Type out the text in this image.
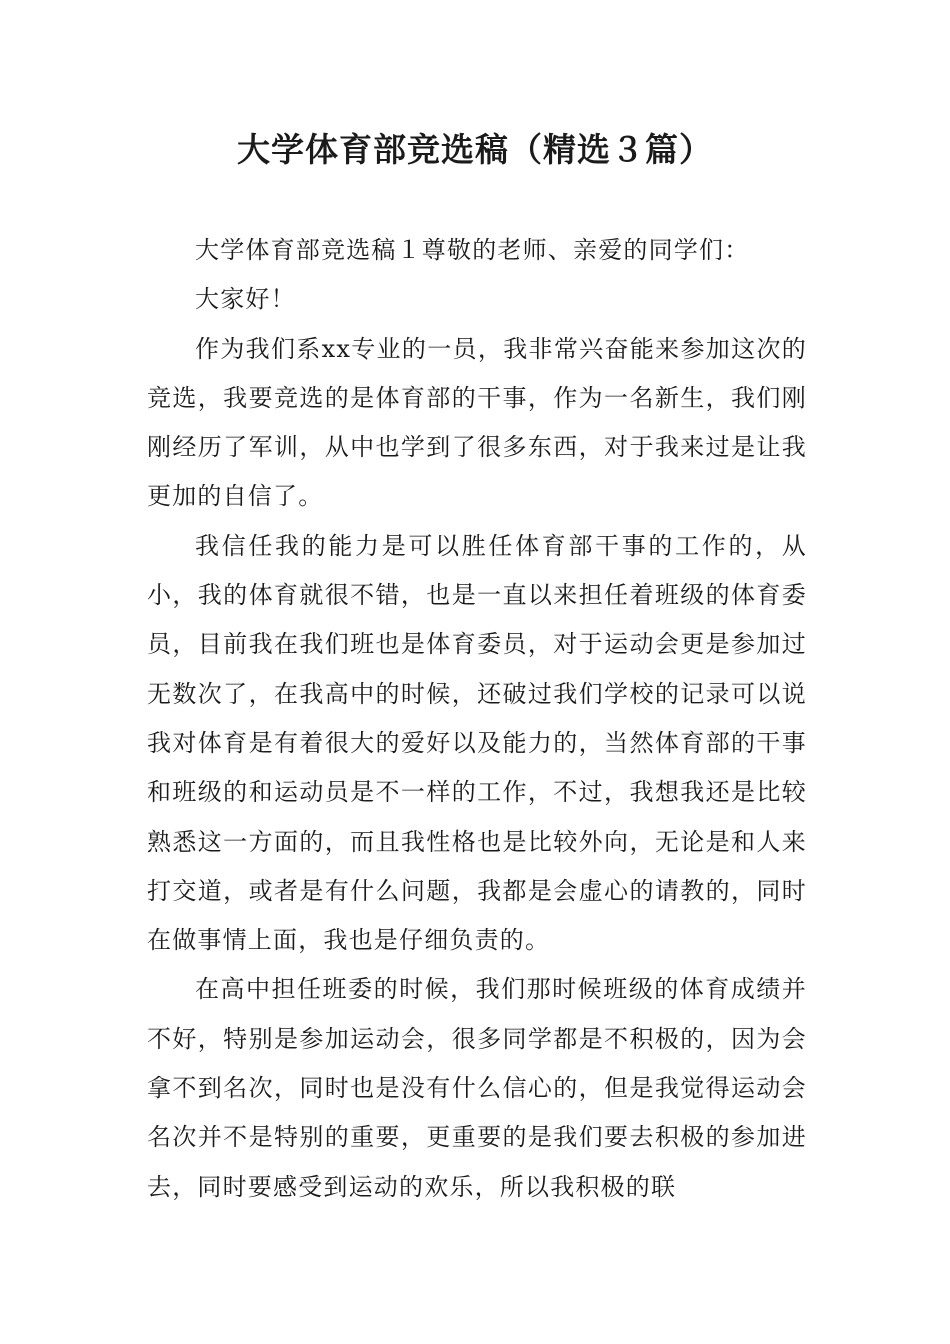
大学体育部竞选稿（精选３篇）

大学体育部竞选稿１尊敬的老师、亲爱的同学们：

大家好！

作为我们系xx专业的一员，我非常兴奋能来参加这次的竞选，我要竞选的是体育部的干事，作为一名新生，我们刚刚经历了军训，从中也学到了很多东西，对于我来过是让我更加的自信了。

我信任我的能力是可以胜任体育部干事的工作的，从小，我的体育就很不错，也是一直以来担任着班级的体育委员，目前我在我们班也是体育委员，对于运动会更是参加过无数次了，在我高中的时候，还破过我们学校的记录可以说我对体育是有着很大的爱好以及能力的，当然体育部的干事和班级的和运动员是不一样的工作，不过，我想我还是比较熟悉这一方面的，而且我性格也是比较外向，无论是和人来打交道，或者是有什么问题，我都是会虚心的请教的，同时在做事情上面，我也是仔细负责的。

在高中担任班委的时候，我们那时候班级的体育成绩并不好，特别是参加运动会，很多同学都是不积极的，因为会拿不到名次，同时也是没有什么信心的，但是我觉得运动会名次并不是特别的重要，更重要的是我们要去积极的参加进去，同时要感受到运动的欢乐，所以我积极的联
